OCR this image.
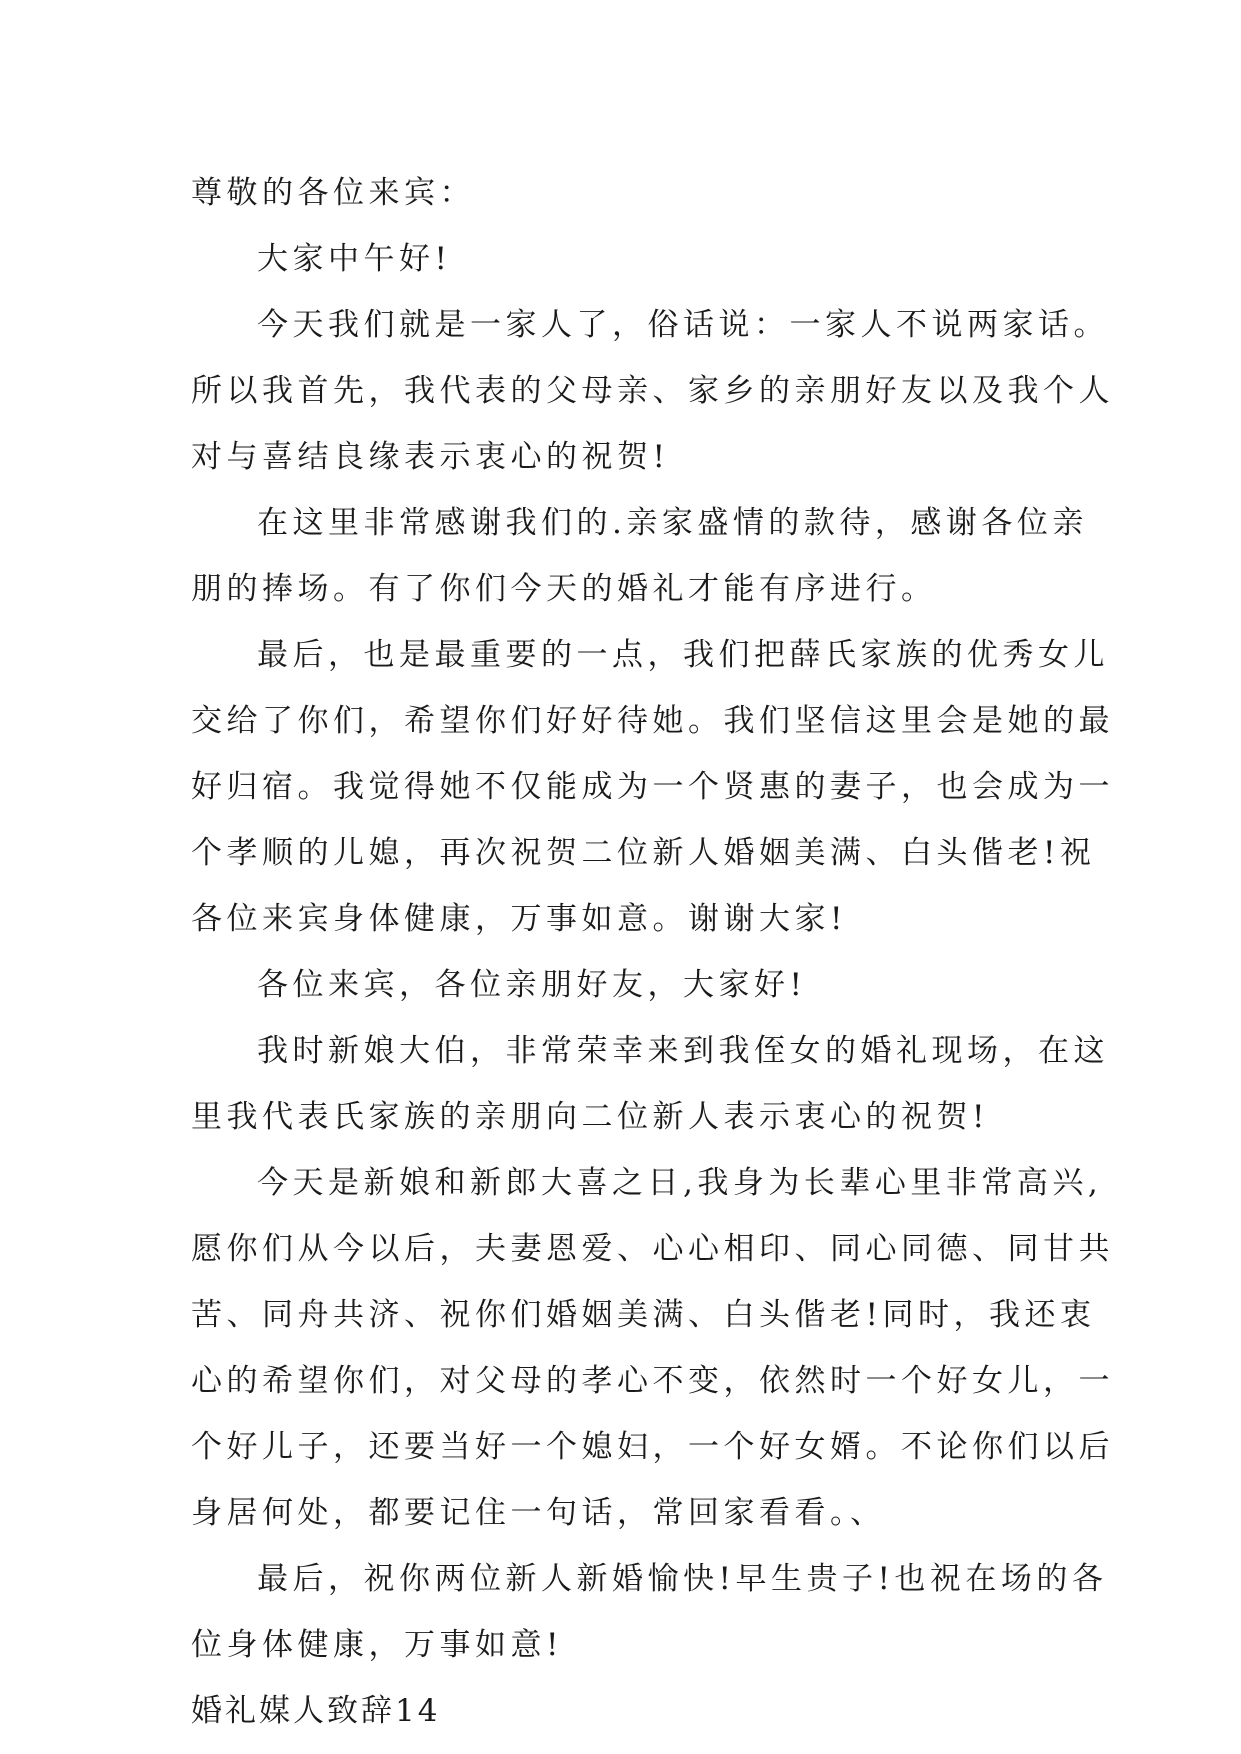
尊敬的各位来宾：
大家中午好!
今天我们就是一家人了，俗话说：一家人不说两家话。
所以我首先，我代表的父母亲、家乡的亲朋好友以及我个人
对与喜结良缘表示衷心的祝贺!
在这里非常感谢我们的.亲家盛情的款待，感谢各位亲
朋的捧场。有了你们今天的婚礼才能有序进行。
最后，也是最重要的一点，我们把薛氏家族的优秀女儿
交给了你们，希望你们好好待她。我们坚信这里会是她的最
好归宿。我觉得她不仅能成为一个贤惠的妻子，也会成为一
个孝顺的儿媳，再次祝贺二位新人婚姻美满、白头偕老!祝
各位来宾身体健康，万事如意。谢谢大家!
各位来宾，各位亲朋好友，大家好!
我时新娘大伯，非常荣幸来到我侄女的婚礼现场，在这
里我代表氏家族的亲朋向二位新人表示衷心的祝贺!
今天是新娘和新郎大喜之日,我身为长辈心里非常高兴,
愿你们从今以后，夫妻恩爱、心心相印、同心同德、同甘共
苦、同舟共济、祝你们婚姻美满、白头偕老!同时，我还衷
心的希望你们，对父母的孝心不变，依然时一个好女儿，一
个好儿子，还要当好一个媳妇，一个好女婿。不论你们以后
身居何处，都要记住一句话，常回家看看。、
最后，祝你两位新人新婚愉快!早生贵子!也祝在场的各
位身体健康，万事如意!
婚礼媒人致辞14
